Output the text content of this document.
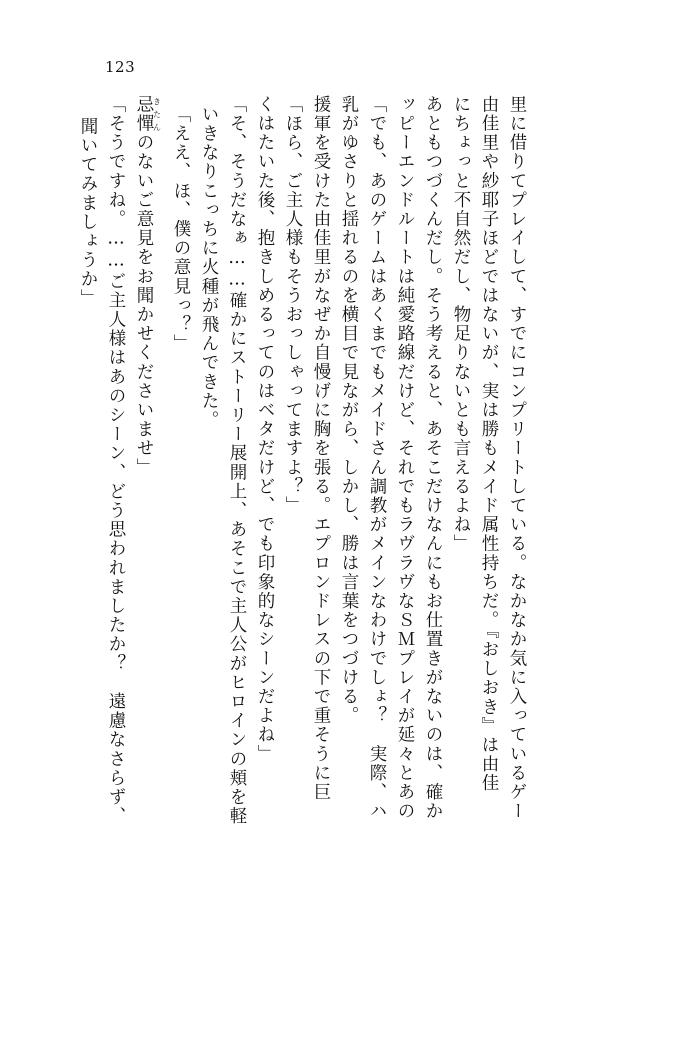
123
聞いてみましょうか」 「そうですね。……ご主人様はあのシーン、どう思われましたか？　遠慮なさらず、 忌憚きたんのないご意見をお聞かせくださいませ」 「ええ、ほ、僕の意見っ？」 いきなりこっちに火種が飛んできた。 「そ、そうだなぁ……確かにストーリー展開上、あそこで主人公がヒロインの頬を軽 くはたいた後、抱きしめるってのはベタだけど、でも印象的なシーンだよね」 「ほら、ご主人様もそうおっしゃってますよ？」 援軍を受けた由佳里がなぜか自慢げに胸を張る。エプロンドレスの下で重そうに巨 乳がゆさりと揺れるのを横目で見ながら、しかし、勝は言葉をつづける。 「でも、あのゲームはあくまでもメイドさん調教がメインなわけでしょ？　実際、ハ ッピーエンドルートは純愛路線だけど、それでもラヴラヴなＳＭプレイが延々とあの あともつづくんだし。そう考えると、あそこだけなんにもお仕置きがないのは、確か にちょっと不自然だし、物足りないとも言えるよね」 由佳里や紗耶子ほどではないが、実は勝もメイド属性持ちだ。『おしおき』は由佳 里に借りてプレイして、すでにコンプリートしている。なかなか気に入っているゲー
